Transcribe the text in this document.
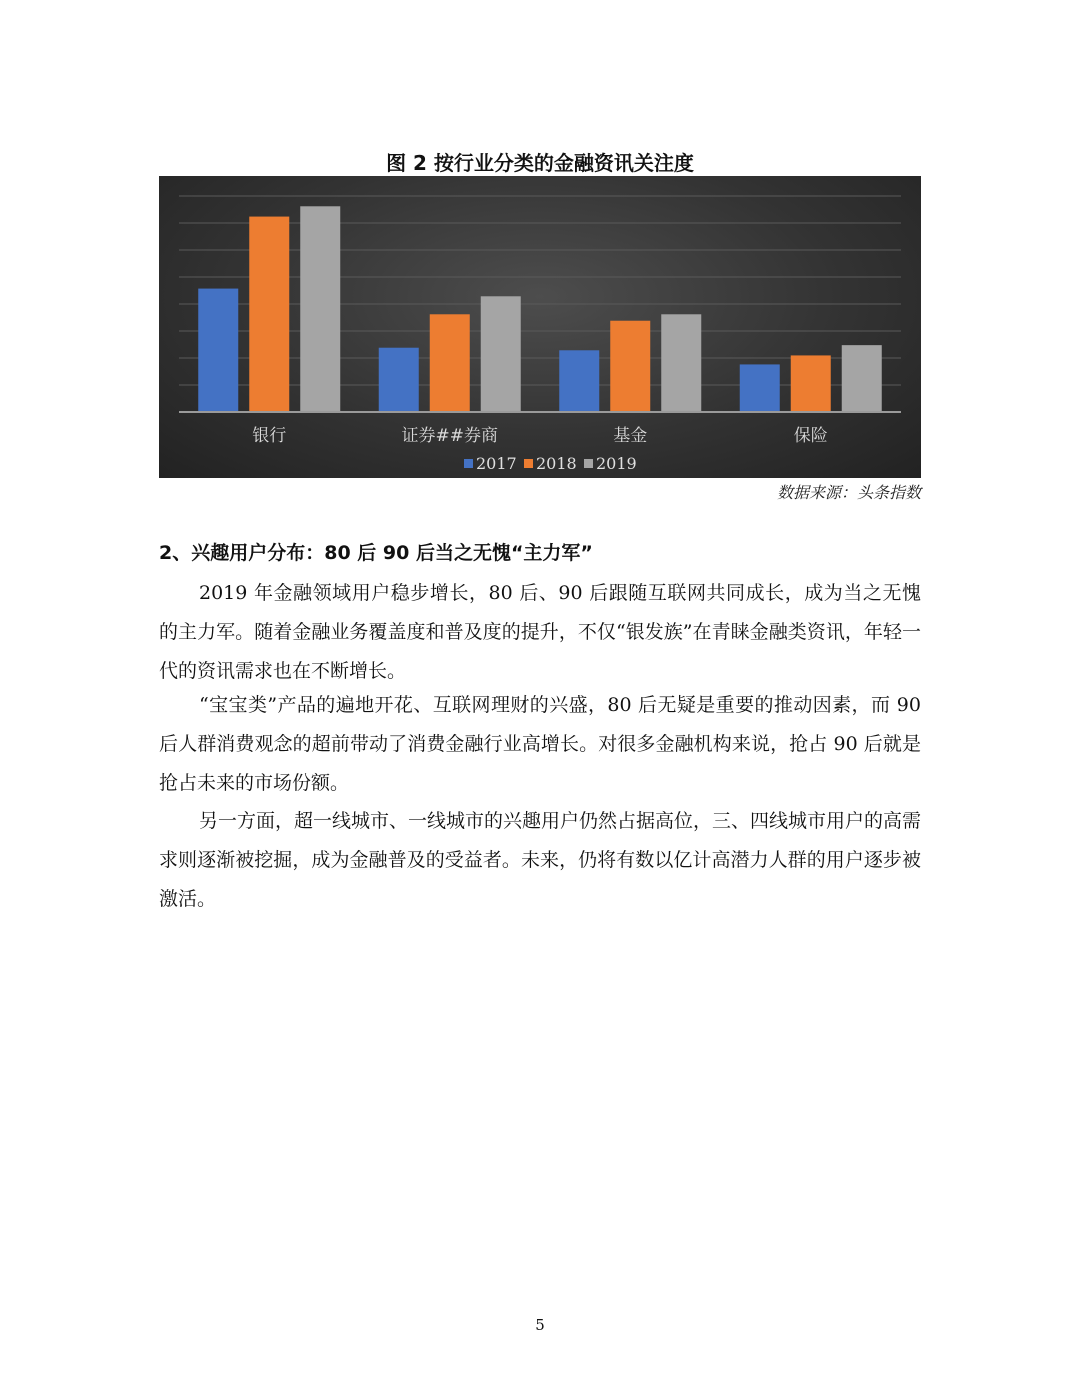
图 2 按行业分类的金融资讯关注度
银行	证券##券商	基金	保险
2017 2018 2019
数据来源：头条指数
2、兴趣用户分布：80 后 90 后当之无愧“主力军”

2019 年金融领域用户稳步增长，80 后、90 后跟随互联网共同成长，成为当之无愧的主力军。随着金融业务覆盖度和普及度的提升，不仅“银发族”在青睐金融类资讯，年轻一代的资讯需求也在不断增长。

“宝宝类”产品的遍地开花、互联网理财的兴盛，80 后无疑是重要的推动因素，而 90 后人群消费观念的超前带动了消费金融行业高增长。对很多金融机构来说，抢占 90 后就是抢占未来的市场份额。

另一方面，超一线城市、一线城市的兴趣用户仍然占据高位，三、四线城市用户的高需求则逐渐被挖掘，成为金融普及的受益者。未来，仍将有数以亿计高潜力人群的用户逐步被激活。

5
